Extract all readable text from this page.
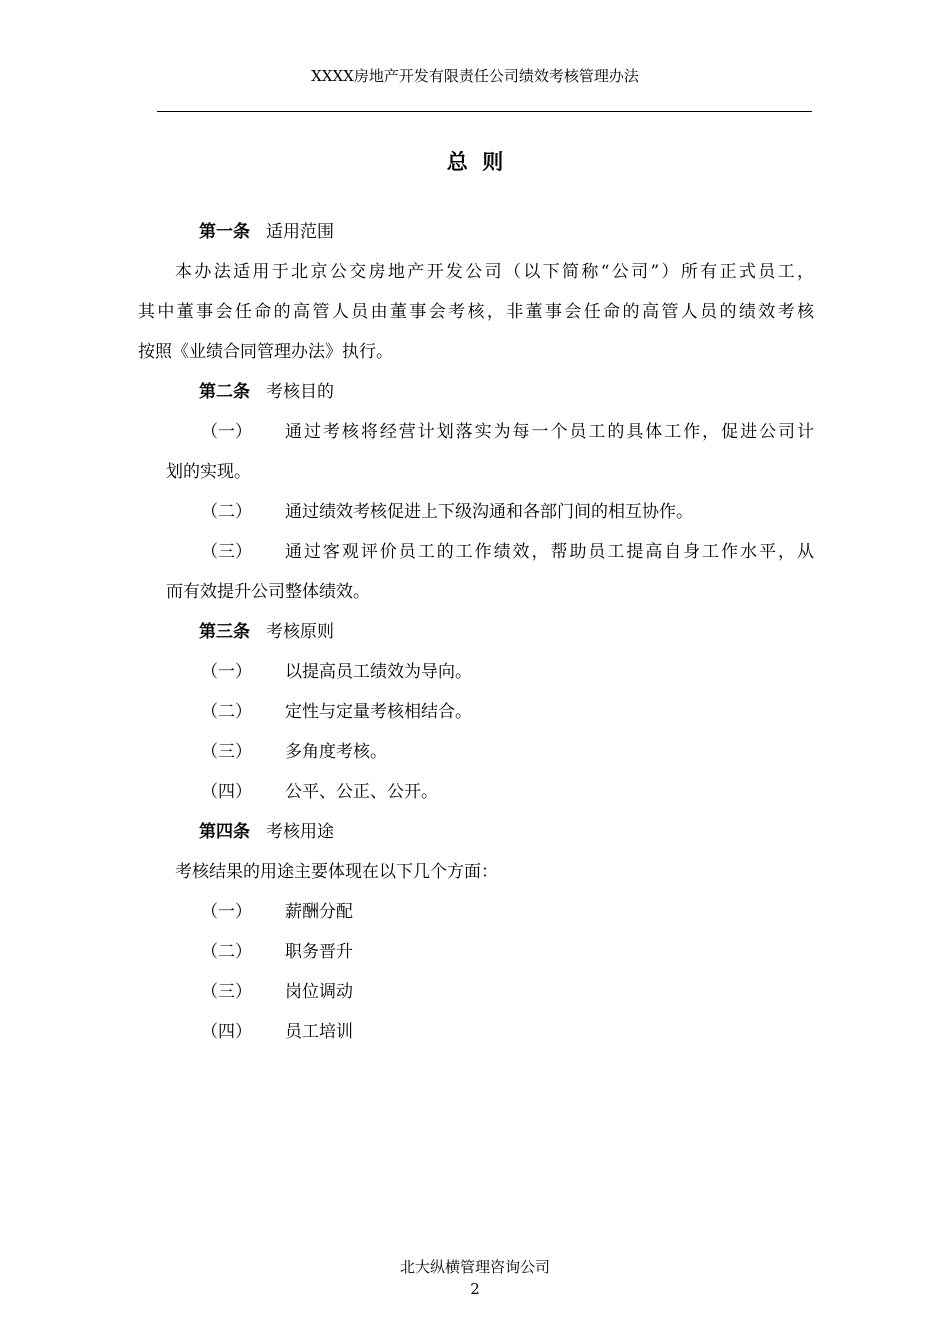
XXXX房地产开发有限责任公司绩效考核管理办法
总  则
第一条 适用范围
本办法适用于北京公交房地产开发公司（以下简称“公司”）所有正式员工，
其中董事会任命的高管人员由董事会考核，非董事会任命的高管人员的绩效考核
按照《业绩合同管理办法》执行。
第二条 考核目的
（一）	通过考核将经营计划落实为每一个员工的具体工作，促进公司计
划的实现。
（二） 通过绩效考核促进上下级沟通和各部门间的相互协作。
（三）	通过客观评价员工的工作绩效，帮助员工提高自身工作水平，从
而有效提升公司整体绩效。
第三条 考核原则
（一） 以提高员工绩效为导向。
（二） 定性与定量考核相结合。
（三） 多角度考核。
（四） 公平、公正、公开。
第四条 考核用途
考核结果的用途主要体现在以下几个方面：
（一） 薪酬分配
（二） 职务晋升
（三） 岗位调动
（四） 员工培训
北大纵横管理咨询公司
2
